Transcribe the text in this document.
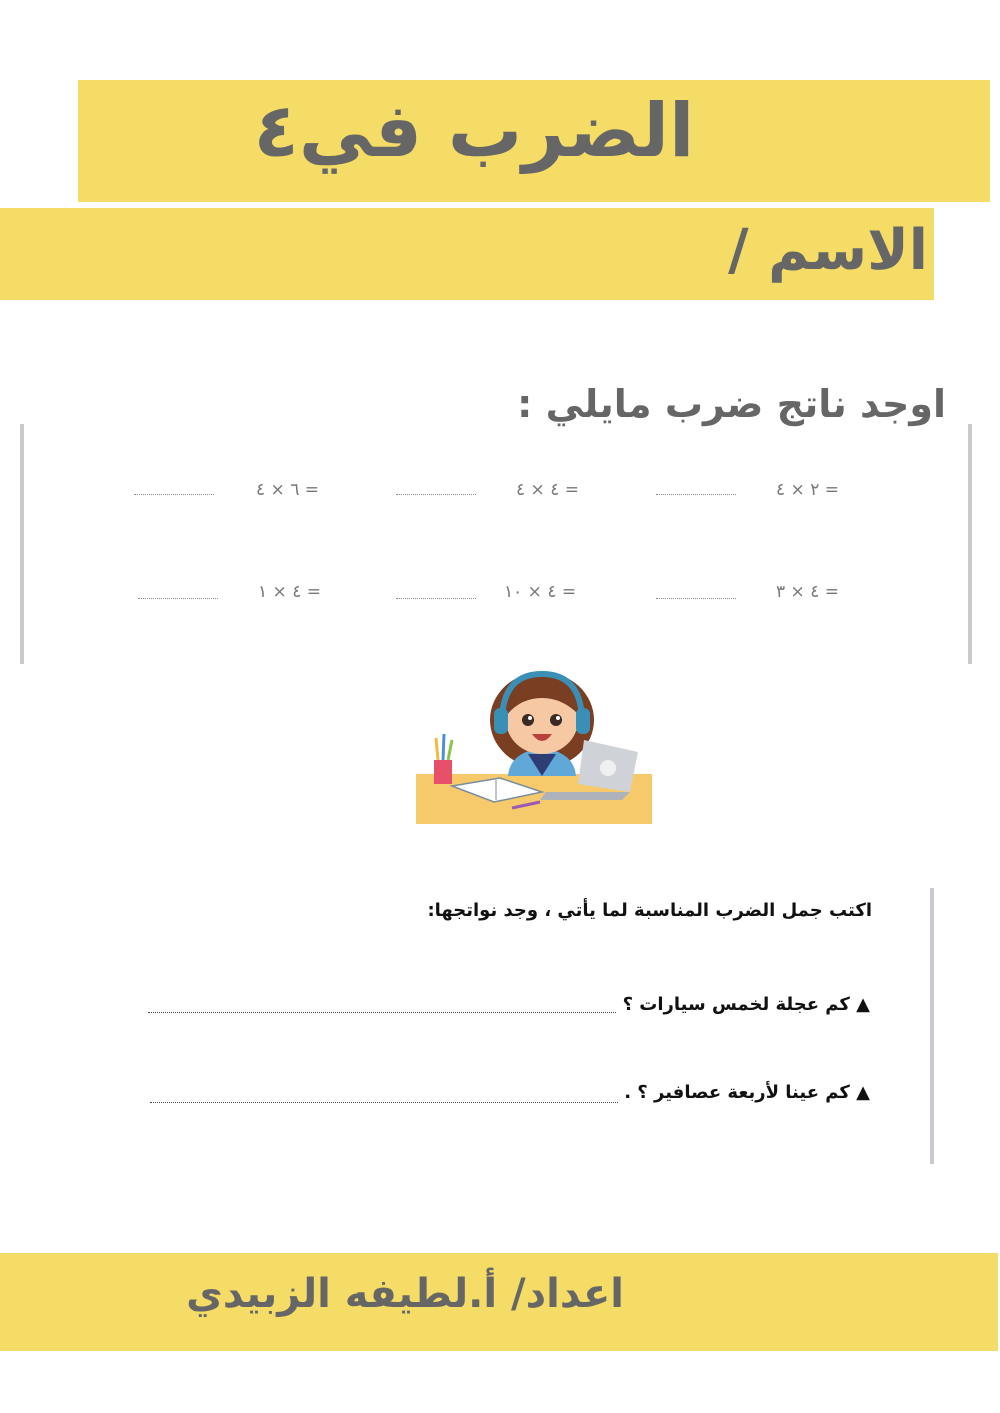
الضرب في٤
الاسم /
اوجد ناتج ضرب مايلي :
٢ × ٤ =
٤ × ٤ =
٦ × ٤ =
٤ × ٣ =
٤ × ١٠ =
٤ × ١ =
اكتب جمل الضرب المناسبة لما يأتي ، وجد نواتجها:
▲ كم عجلة لخمس سيارات ؟
▲ كم عينا لأربعة عصافير ؟ .
اعداد/ أ.لطيفه الزبيدي
